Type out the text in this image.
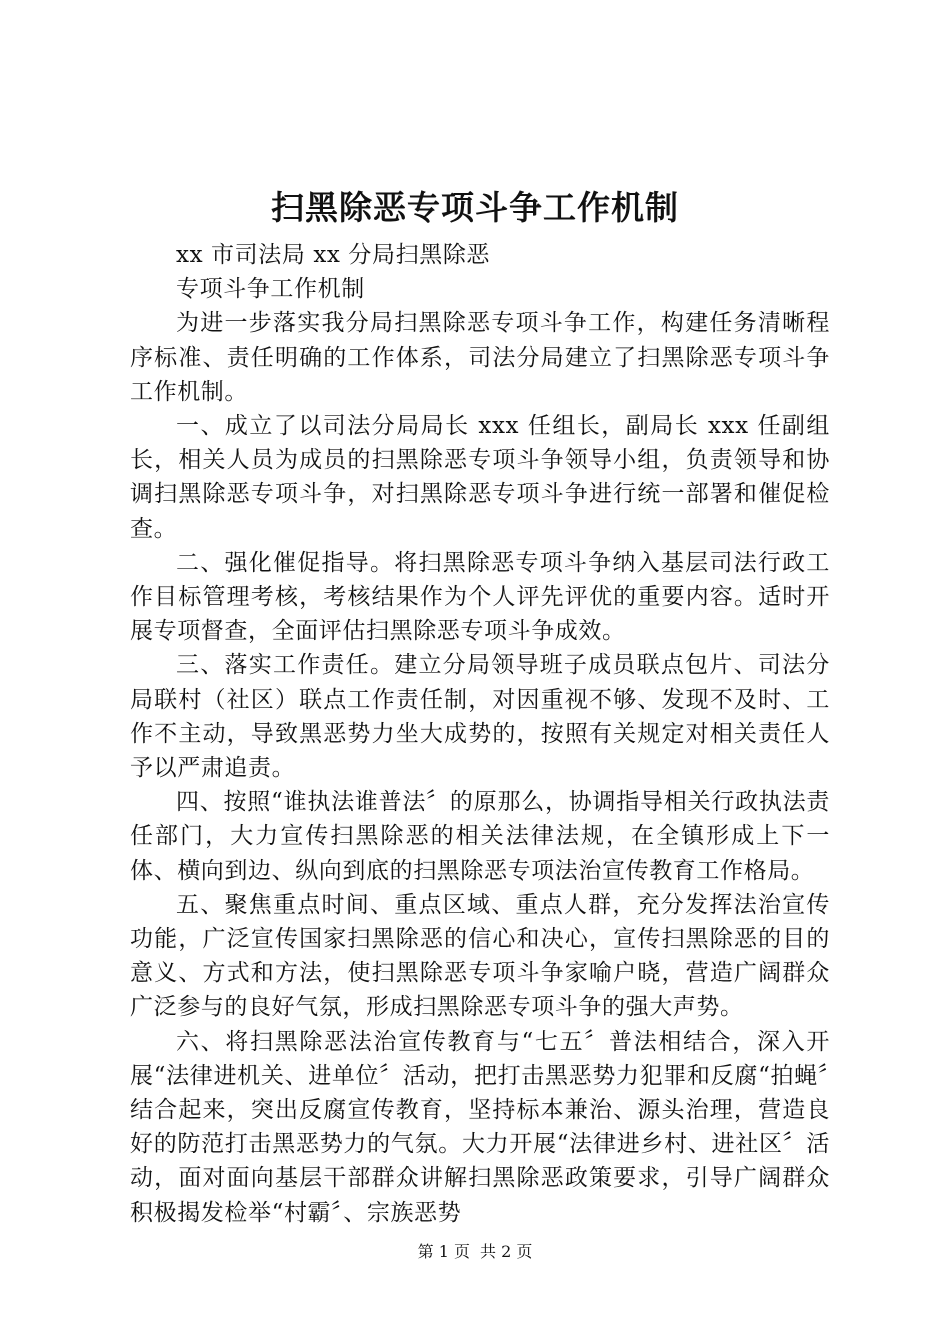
扫黑除恶专项斗争工作机制

xx 市司法局 xx 分局扫黑除恶

专项斗争工作机制

为进一步落实我分局扫黑除恶专项斗争工作，构建任务清晰程序标准、责任明确的工作体系，司法分局建立了扫黑除恶专项斗争工作机制。

一、成立了以司法分局局长 xxx 任组长，副局长 xxx 任副组长，相关人员为成员的扫黑除恶专项斗争领导小组，负责领导和协调扫黑除恶专项斗争，对扫黑除恶专项斗争进行统一部署和催促检查。

二、强化催促指导。将扫黑除恶专项斗争纳入基层司法行政工作目标管理考核，考核结果作为个人评先评优的重要内容。适时开展专项督查，全面评估扫黑除恶专项斗争成效。

三、落实工作责任。建立分局领导班子成员联点包片、司法分局联村（社区）联点工作责任制，对因重视不够、发现不及时、工作不主动，导致黑恶势力坐大成势的，按照有关规定对相关责任人予以严肃追责。

四、按照“谁执法谁普法〞的原那么，协调指导相关行政执法责任部门，大力宣传扫黑除恶的相关法律法规，在全镇形成上下一体、横向到边、纵向到底的扫黑除恶专项法治宣传教育工作格局。

五、聚焦重点时间、重点区域、重点人群，充分发挥法治宣传功能，广泛宣传国家扫黑除恶的信心和决心，宣传扫黑除恶的目的意义、方式和方法，使扫黑除恶专项斗争家喻户晓，营造广阔群众广泛参与的良好气氛，形成扫黑除恶专项斗争的强大声势。

六、将扫黑除恶法治宣传教育与“七五〞普法相结合，深入开展“法律进机关、进单位〞活动，把打击黑恶势力犯罪和反腐“拍蝇〞结合起来，突出反腐宣传教育，坚持标本兼治、源头治理，营造良好的防范打击黑恶势力的气氛。大力开展“法律进乡村、进社区〞活动，面对面向基层干部群众讲解扫黑除恶政策要求，引导广阔群众积极揭发检举“村霸〞、宗族恶势

第 1 页 共 2 页
